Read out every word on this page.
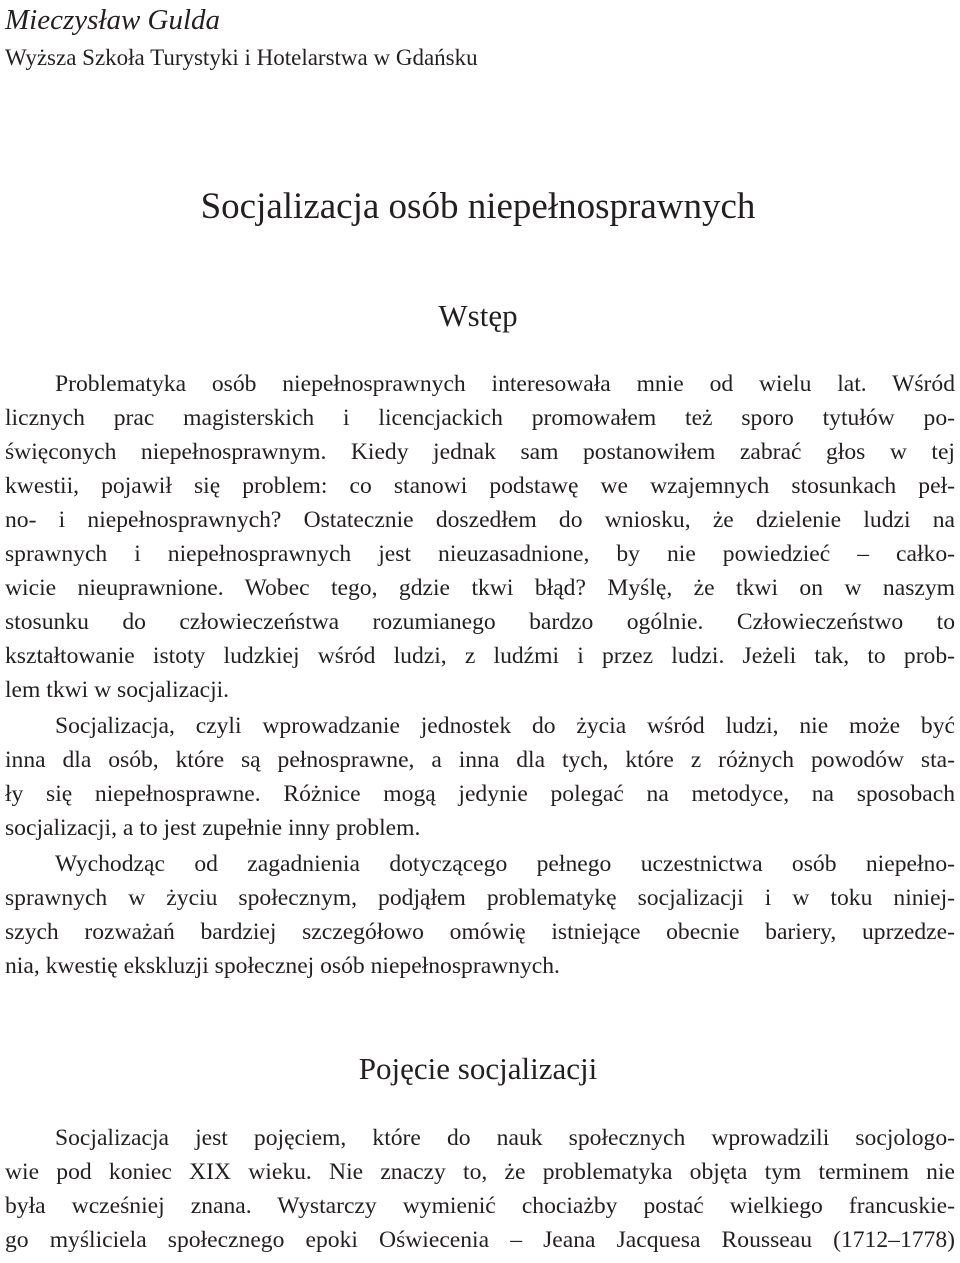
Mieczysław Gulda

Wyższa Szkoła Turystyki i Hotelarstwa w Gdańsku

Socjalizacja osób niepełnosprawnych
Wstęp
Problematyka osób niepełnosprawnych interesowała mnie od wielu lat. Wśród
licznych prac magisterskich i licencjackich promowałem też sporo tytułów po-
święconych niepełnosprawnym. Kiedy jednak sam postanowiłem zabrać głos w tej
kwestii, pojawił się problem: co stanowi podstawę we wzajemnych stosunkach peł-
no- i niepełnosprawnych? Ostatecznie doszedłem do wniosku, że dzielenie ludzi na
sprawnych i niepełnosprawnych jest nieuzasadnione, by nie powiedzieć – całko-
wicie nieuprawnione. Wobec tego, gdzie tkwi błąd? Myślę, że tkwi on w naszym
stosunku do człowieczeństwa rozumianego bardzo ogólnie. Człowieczeństwo to
kształtowanie istoty ludzkiej wśród ludzi, z ludźmi i przez ludzi. Jeżeli tak, to prob-
lem tkwi w socjalizacji.
Socjalizacja, czyli wprowadzanie jednostek do życia wśród ludzi, nie może być
inna dla osób, które są pełnosprawne, a inna dla tych, które z różnych powodów sta-
ły się niepełnosprawne. Różnice mogą jedynie polegać na metodyce, na sposobach
socjalizacji, a to jest zupełnie inny problem.
Wychodząc od zagadnienia dotyczącego pełnego uczestnictwa osób niepełno-
sprawnych w życiu społecznym, podjąłem problematykę socjalizacji i w toku niniej-
szych rozważań bardziej szczegółowo omówię istniejące obecnie bariery, uprzedze-
nia, kwestię ekskluzji społecznej osób niepełnosprawnych.
Pojęcie socjalizacji
Socjalizacja jest pojęciem, które do nauk społecznych wprowadzili socjologo-
wie pod koniec XIX wieku. Nie znaczy to, że problematyka objęta tym terminem nie
była wcześniej znana. Wystarczy wymienić chociażby postać wielkiego francuskie-
go myśliciela społecznego epoki Oświecenia – Jeana Jacquesa Rousseau (1712–1778)
